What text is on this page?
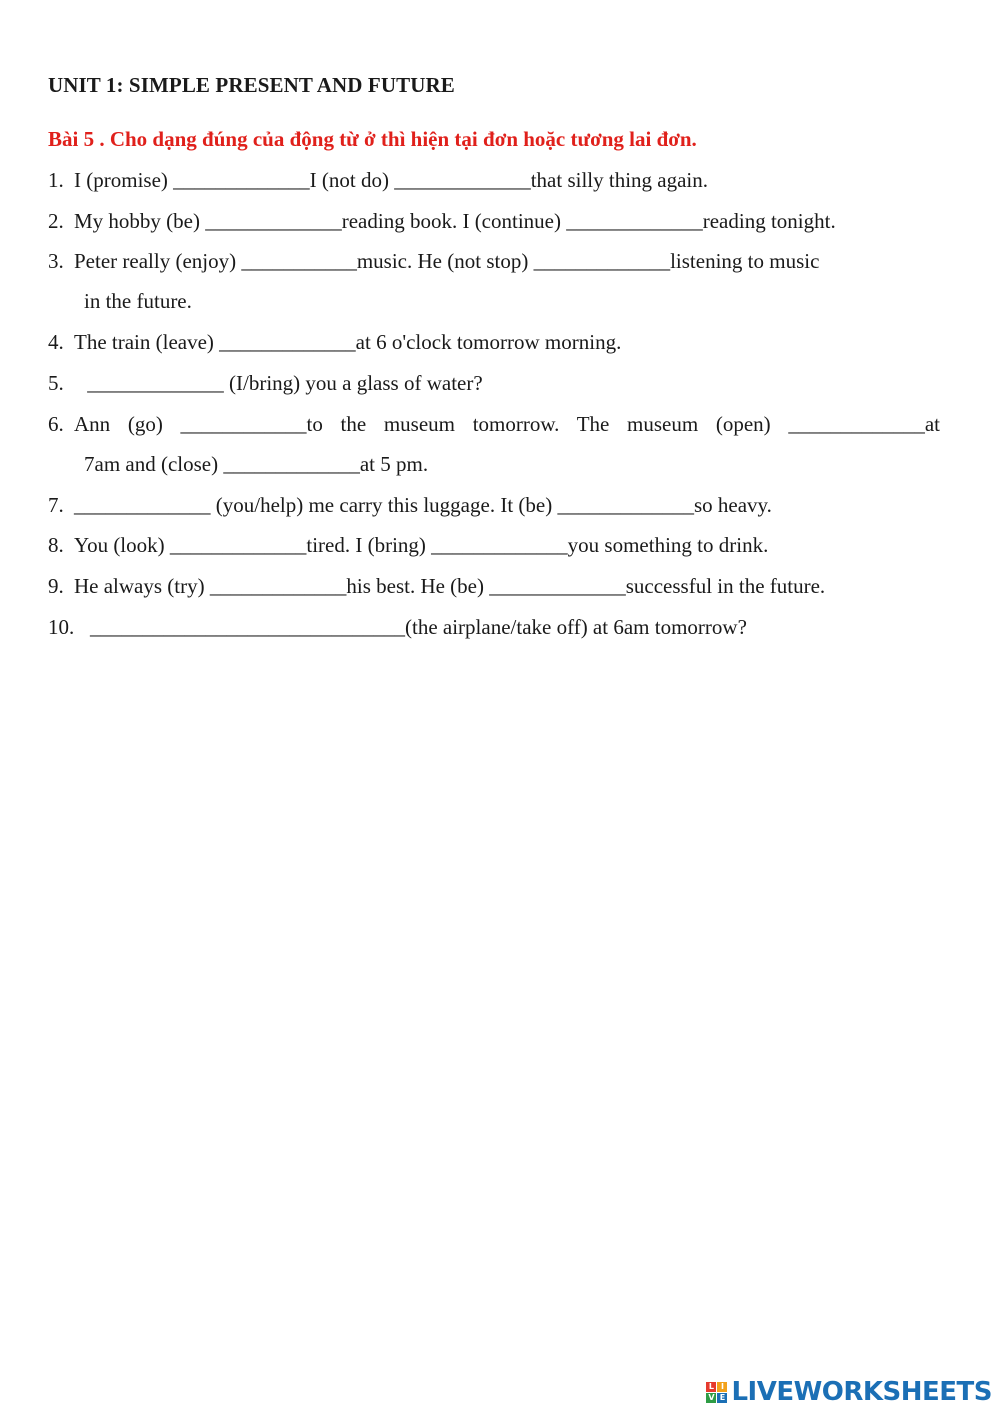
UNIT 1: SIMPLE PRESENT AND FUTURE
Bài 5 . Cho dạng đúng của động từ ở thì hiện tại đơn hoặc tương lai đơn.
1. I (promise) _____________I (not do) _____________that silly thing again.
2. My hobby (be) _____________reading book. I (continue) _____________reading tonight.
3. Peter really (enjoy) ___________music. He (not stop) _____________listening to music
in the future.
4. The train (leave) _____________at 6 o'clock tomorrow morning.
5. _____________ (I/bring) you a glass of water?
6. Ann (go) ____________to the museum tomorrow. The museum (open) _____________at
7am and (close) _____________at 5 pm.
7. _____________ (you/help) me carry this luggage. It (be) _____________so heavy.
8. You (look) _____________tired. I (bring) _____________you something to drink.
9. He always (try) _____________his best. He (be) _____________successful in the future.
10. ______________________________(the airplane/take off) at 6am tomorrow?
L I
V E LIVEWORKSHEETS
